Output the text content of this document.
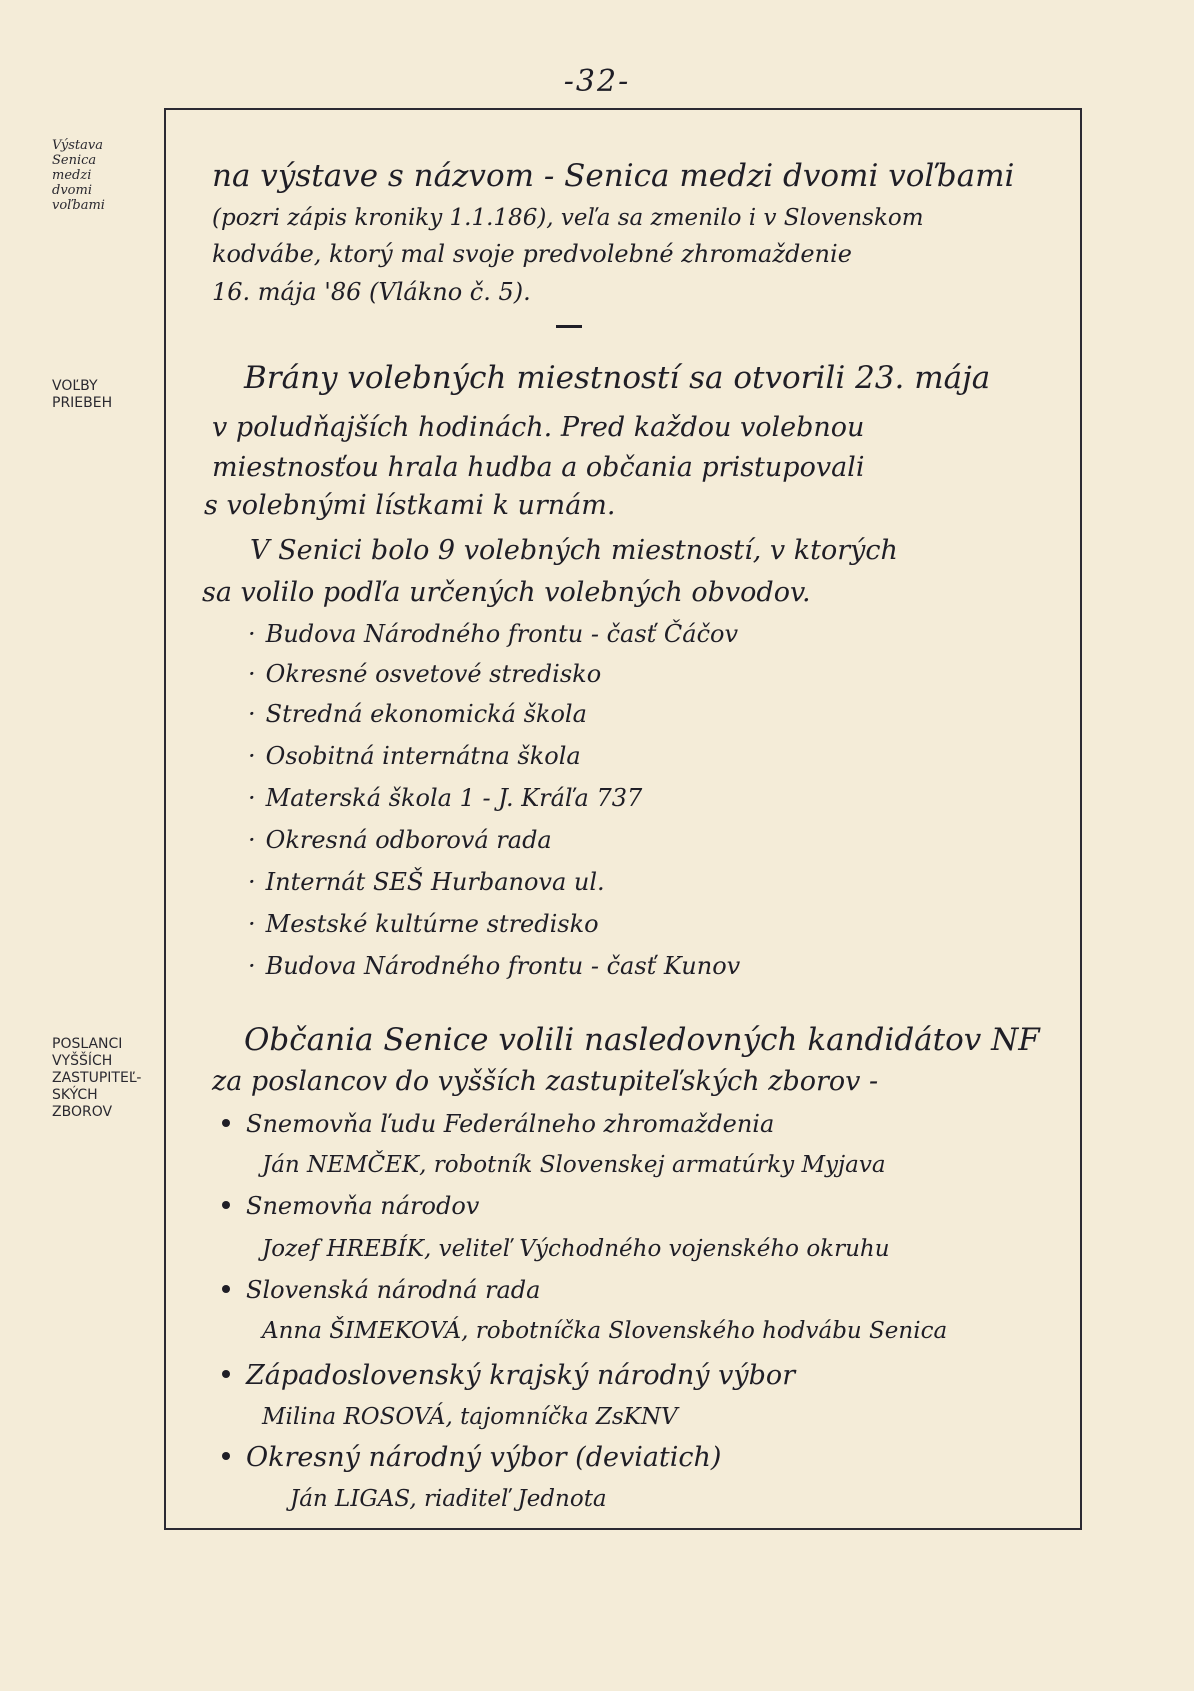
-32-
Výstava
Senica
medzi
dvomi
voľbami
VOĽBY
PRIEBEH
POSLANCI
VYŠŠÍCH
ZASTUPITEĽ-
SKÝCH
ZBOROV
na výstave s názvom - Senica medzi dvomi voľbami
(pozri zápis kroniky 1.1.186), veľa sa zmenilo i v Slovenskom
kodvábe, ktorý mal svoje predvolebné zhromaždenie
16. mája '86 (Vlákno č. 5).
Brány volebných miestností sa otvorili 23. mája
v poludňajších hodinách. Pred každou volebnou
miestnosťou hrala hudba a občania pristupovali
s volebnými lístkami k urnám.
V Senici bolo 9 volebných miestností, v ktorých
sa volilo podľa určených volebných obvodov.
· Budova Národného frontu - časť Čáčov
· Okresné osvetové stredisko
· Stredná ekonomická škola
· Osobitná internátna škola
· Materská škola 1 - J. Kráľa 737
· Okresná odborová rada
· Internát SEŠ Hurbanova ul.
· Mestské kultúrne stredisko
· Budova Národného frontu - časť Kunov
Občania Senice volili nasledovných kandidátov NF
za poslancov do vyšších zastupiteľských zborov -
Snemovňa ľudu Federálneho zhromaždenia
Ján NEMČEK, robotník Slovenskej armatúrky Myjava
Snemovňa národov
Jozef HREBÍK, veliteľ Východného vojenského okruhu
Slovenská národná rada
Anna ŠIMEKOVÁ, robotníčka Slovenského hodvábu Senica
Západoslovenský krajský národný výbor
Milina ROSOVÁ, tajomníčka ZsKNV
Okresný národný výbor (deviatich)
Ján LIGAS, riaditeľ Jednota
